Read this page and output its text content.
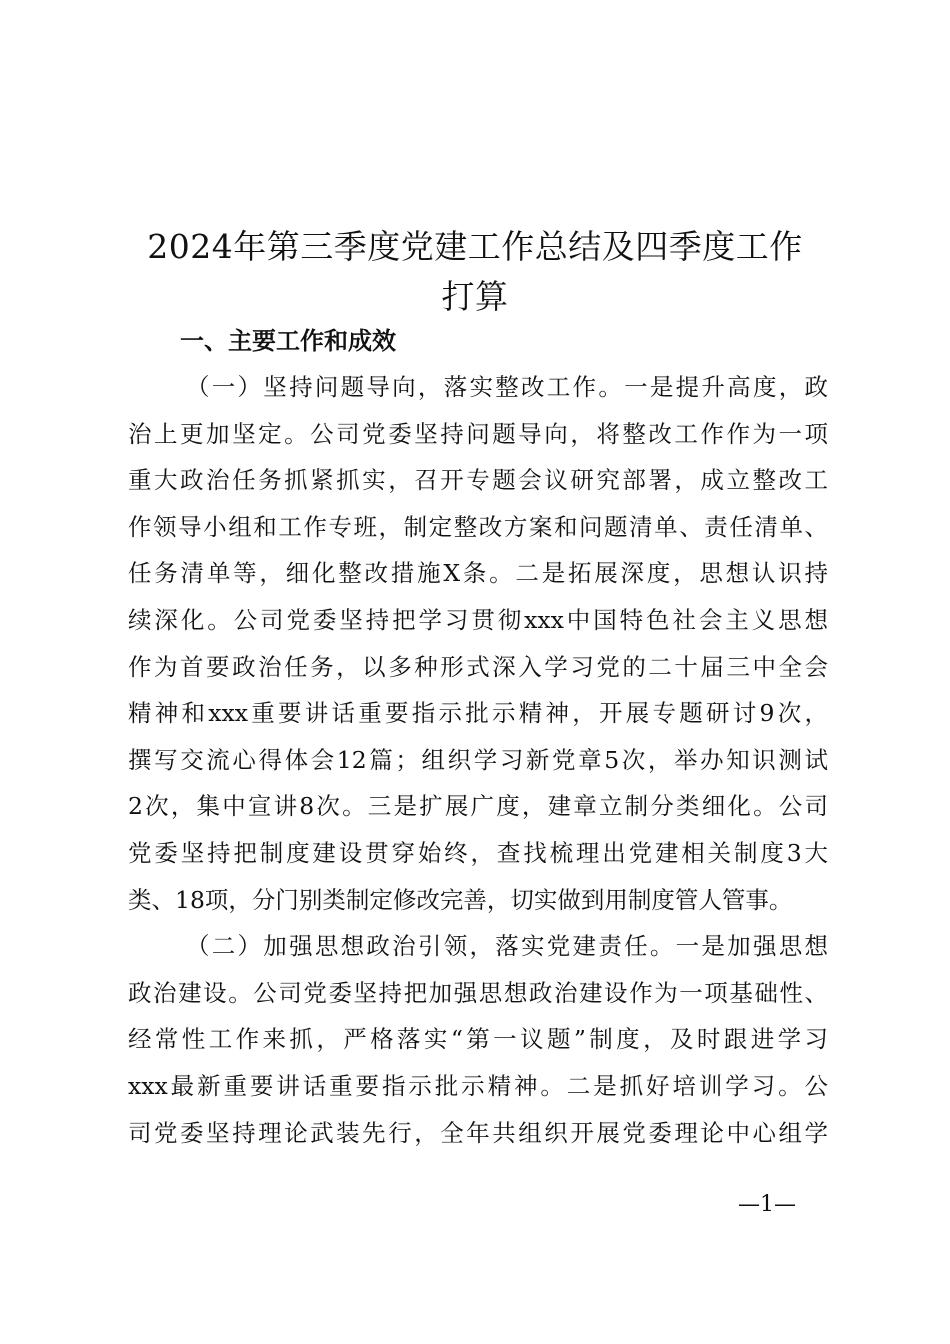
2024年第三季度党建工作总结及四季度工作
打算
一、主要工作和成效
（一）坚持问题导向，落实整改工作。一是提升高度，政
治上更加坚定。公司党委坚持问题导向，将整改工作作为一项
重大政治任务抓紧抓实，召开专题会议研究部署，成立整改工
作领导小组和工作专班，制定整改方案和问题清单、责任清单、
任务清单等，细化整改措施X条。二是拓展深度，思想认识持
续深化。公司党委坚持把学习贯彻xxx中国特色社会主义思想
作为首要政治任务，以多种形式深入学习党的二十届三中全会
精神和xxx重要讲话重要指示批示精神，开展专题研讨9次，
撰写交流心得体会12篇；组织学习新党章5次，举办知识测试
2次，集中宣讲8次。三是扩展广度，建章立制分类细化。公司
党委坚持把制度建设贯穿始终，查找梳理出党建相关制度3大
类、18项，分门别类制定修改完善，切实做到用制度管人管事。
（二）加强思想政治引领，落实党建责任。一是加强思想
政治建设。公司党委坚持把加强思想政治建设作为一项基础性、
经常性工作来抓，严格落实“第一议题”制度，及时跟进学习
xxx最新重要讲话重要指示批示精神。二是抓好培训学习。公
司党委坚持理论武装先行，全年共组织开展党委理论中心组学
—1—
